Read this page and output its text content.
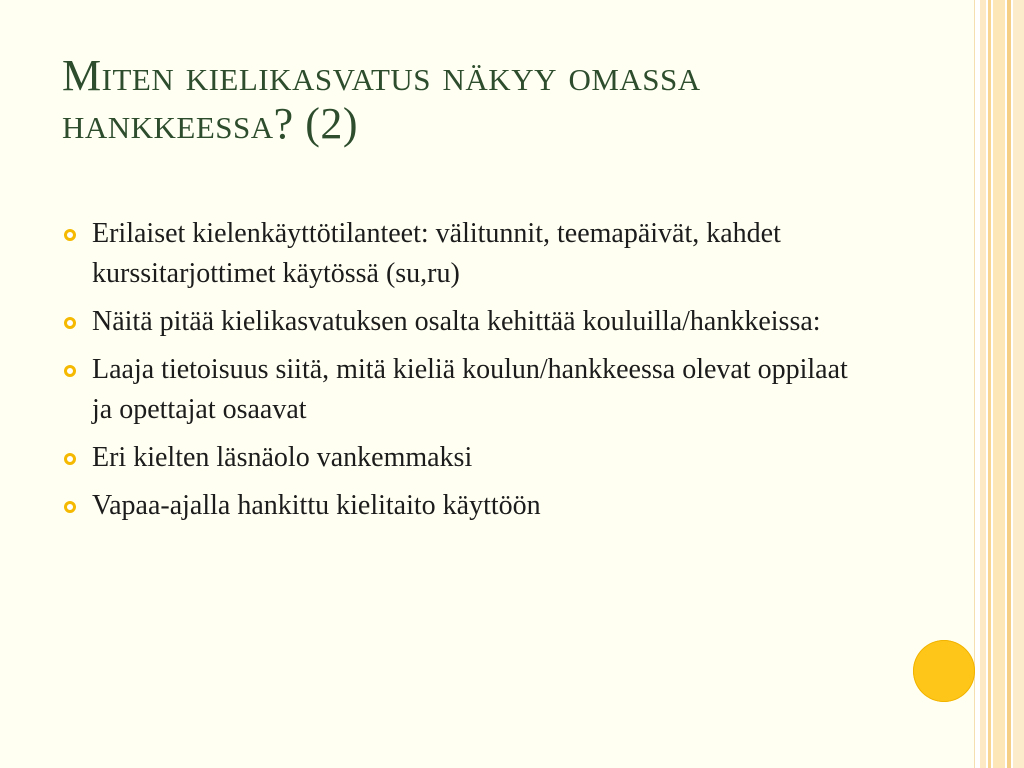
Miten kielikasvatus näkyy omassa hankkeessa? (2)
Erilaiset kielenkäyttötilanteet: välitunnit, teemapäivät, kahdet kurssitarjottimet käytössä (su,ru)
Näitä pitää kielikasvatuksen osalta kehittää kouluilla/hankkeissa:
Laaja tietoisuus siitä, mitä kieliä koulun/hankkeessa olevat oppilaat ja opettajat osaavat
Eri kielten läsnäolo vankemmaksi
Vapaa-ajalla hankittu kielitaito käyttöön
